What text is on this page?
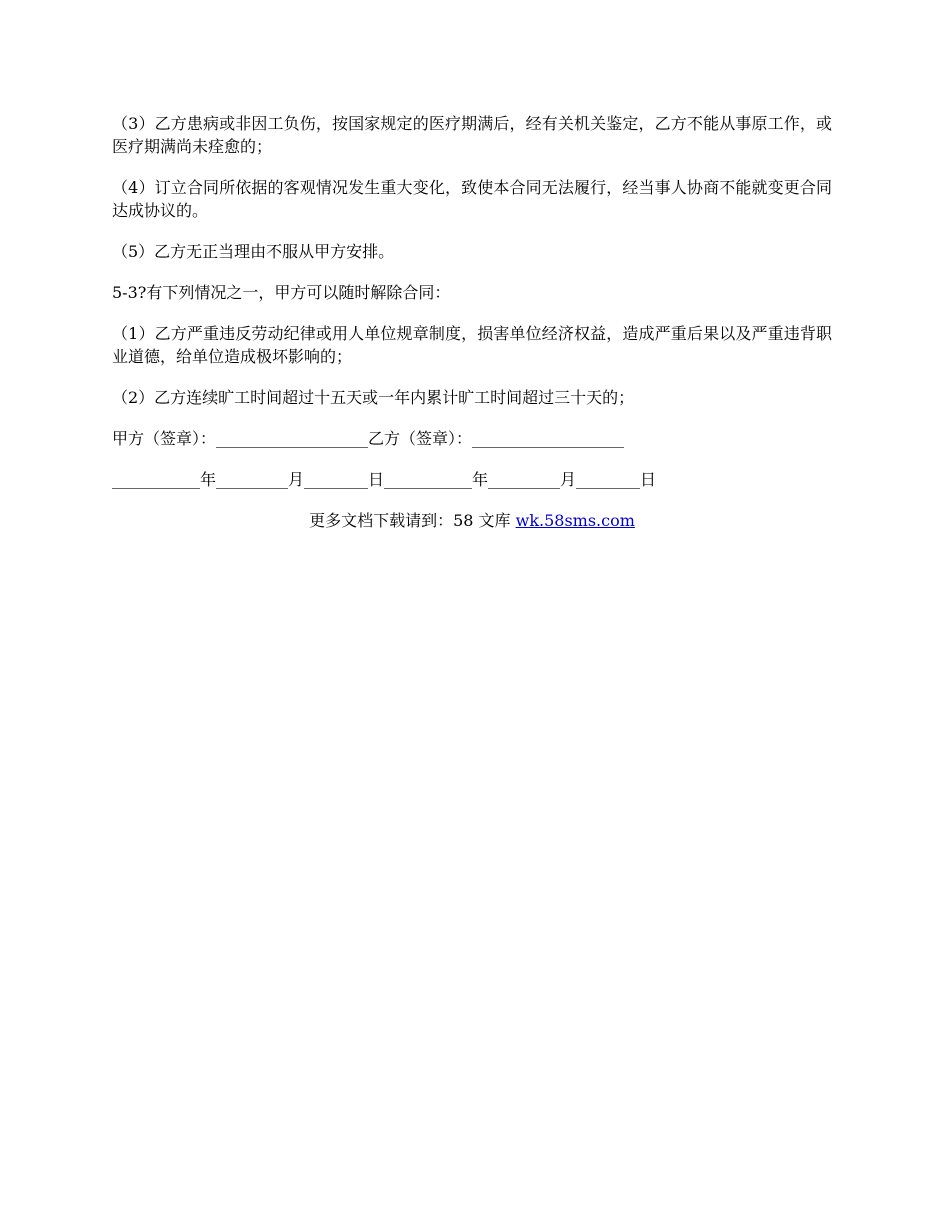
（3）乙方患病或非因工负伤，按国家规定的医疗期满后，经有关机关鉴定，乙方不能从事原工作，或医疗期满尚未痊愈的；

（4）订立合同所依据的客观情况发生重大变化，致使本合同无法履行，经当事人协商不能就变更合同达成协议的。

（5）乙方无正当理由不服从甲方安排。

5-3?有下列情况之一，甲方可以随时解除合同：

（1）乙方严重违反劳动纪律或用人单位规章制度，损害单位经济权益，造成严重后果以及严重违背职业道德，给单位造成极坏影响的；

（2）乙方连续旷工时间超过十五天或一年内累计旷工时间超过三十天的；

甲方（签章）：___________________乙方（签章）：___________________

___________年_________月________日___________年_________月________日

更多文档下载请到：58 文库 wk.58sms.com
